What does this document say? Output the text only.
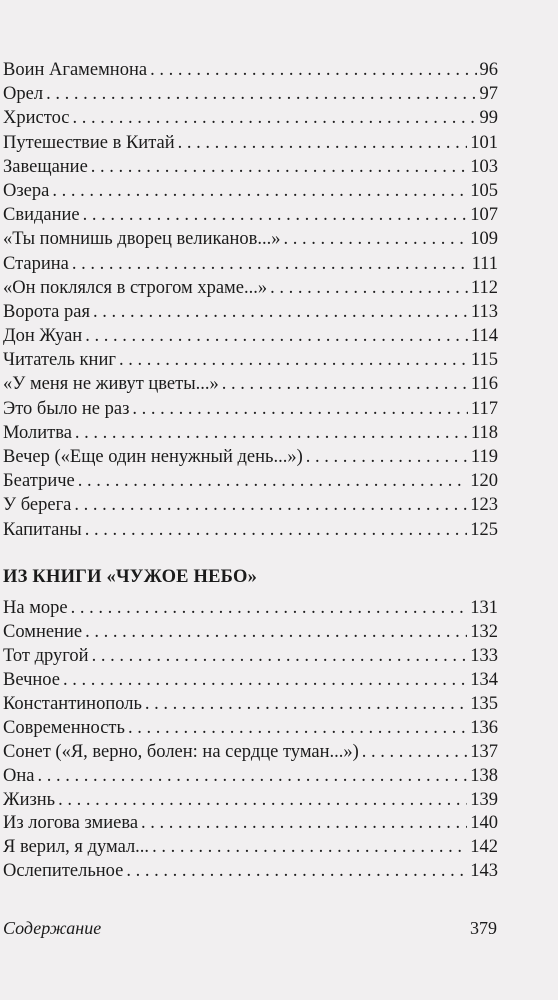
Воин Агамемнона . . .	96
Орел . . .	97
Христос . . .	99
Путешествие в Китай . . .	101
Завещание . . .	103
Озера . . .	105
Свидание . . .	107
«Ты помнишь дворец великанов...» . . .	109
Старина . . .	111
«Он поклялся в строгом храме...» . . .	112
Ворота рая . . .	113
Дон Жуан . . .	114
Читатель книг . . .	115
«У меня не живут цветы...» . . .	116
Это было не раз . . .	117
Молитва . . .	118
Вечер («Еще один ненужный день...») . . .	119
Беатриче . . .	120
У берега . . .	123
Капитаны . . .	125
ИЗ КНИГИ «ЧУЖОЕ НЕБО»
На море . . .	131
Сомнение . . .	132
Тот другой . . .	133
Вечное . . .	134
Константинополь . . .	135
Современность . . .	136
Сонет («Я, верно, болен: на сердце туман...») . . .	137
Она . . .	138
Жизнь . . .	139
Из логова змиева . . .	140
Я верил, я думал... . . .	142
Ослепительное . . .	143
Содержание	379
